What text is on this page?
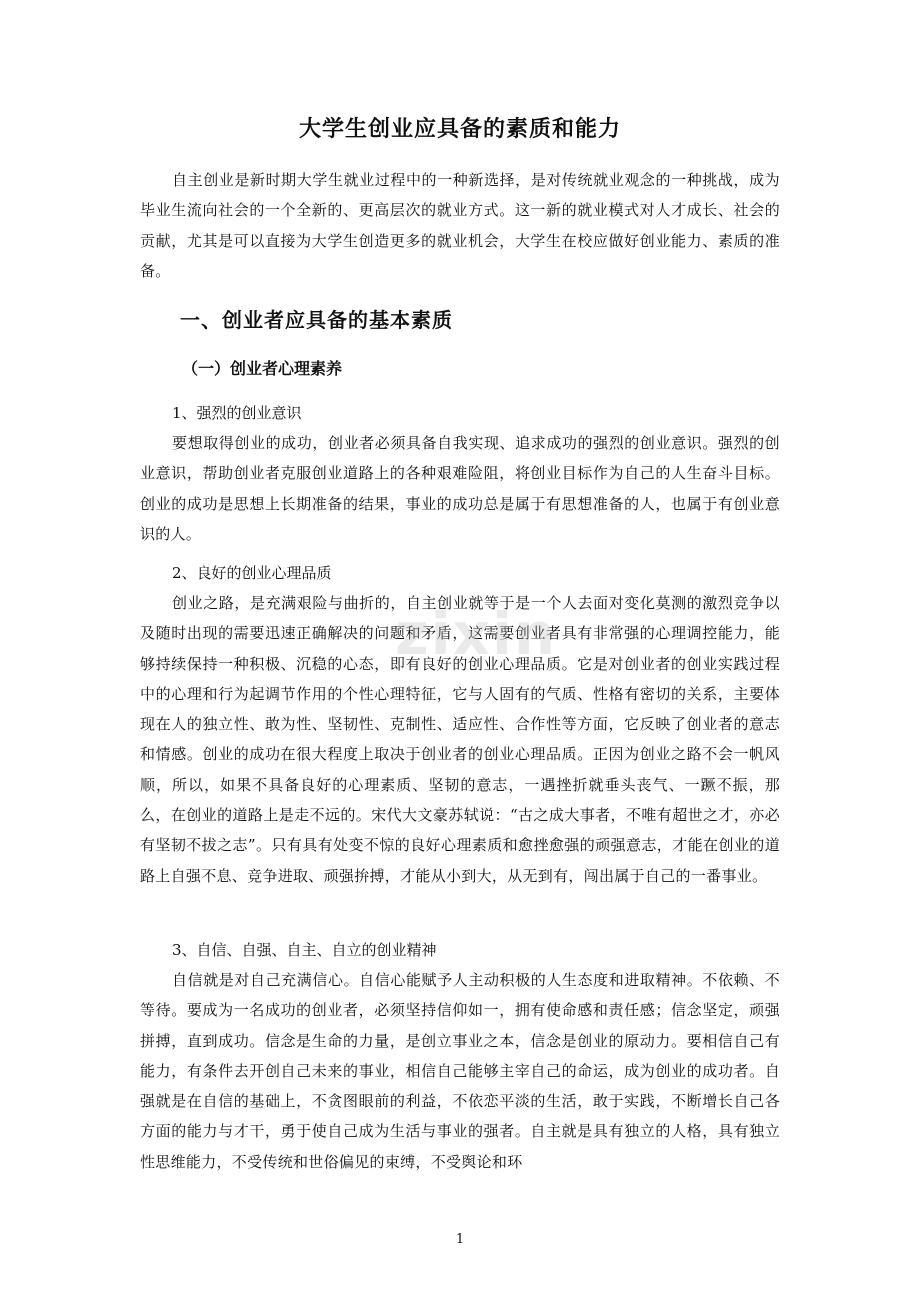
大学生创业应具备的素质和能力

自主创业是新时期大学生就业过程中的一种新选择，是对传统就业观念的一种挑战，成为毕业生流向社会的一个全新的、更高层次的就业方式。这一新的就业模式对人才成长、社会的贡献，尤其是可以直接为大学生创造更多的就业机会，大学生在校应做好创业能力、素质的准备。

一、创业者应具备的基本素质
（一）创业者心理素养

1、强烈的创业意识

要想取得创业的成功，创业者必须具备自我实现、追求成功的强烈的创业意识。强烈的创业意识，帮助创业者克服创业道路上的各种艰难险阻，将创业目标作为自己的人生奋斗目标。创业的成功是思想上长期准备的结果，事业的成功总是属于有思想准备的人，也属于有创业意识的人。

2、良好的创业心理品质

创业之路，是充满艰险与曲折的，自主创业就等于是一个人去面对变化莫测的激烈竞争以及随时出现的需要迅速正确解决的问题和矛盾，这需要创业者具有非常强的心理调控能力，能够持续保持一种积极、沉稳的心态，即有良好的创业心理品质。它是对创业者的创业实践过程中的心理和行为起调节作用的个性心理特征，它与人固有的气质、性格有密切的关系，主要体现在人的独立性、敢为性、坚韧性、克制性、适应性、合作性等方面，它反映了创业者的意志和情感。创业的成功在很大程度上取决于创业者的创业心理品质。正因为创业之路不会一帆风顺，所以，如果不具备良好的心理素质、坚韧的意志，一遇挫折就垂头丧气、一蹶不振，那么，在创业的道路上是走不远的。宋代大文豪苏轼说：“古之成大事者，不唯有超世之才，亦必有坚韧不拔之志”。只有具有处变不惊的良好心理素质和愈挫愈强的顽强意志，才能在创业的道路上自强不息、竞争进取、顽强拚搏，才能从小到大，从无到有，闯出属于自己的一番事业。

3、自信、自强、自主、自立的创业精神

自信就是对自己充满信心。自信心能赋予人主动积极的人生态度和进取精神。不依赖、不等待。要成为一名成功的创业者，必须坚持信仰如一，拥有使命感和责任感；信念坚定，顽强拼搏，直到成功。信念是生命的力量，是创立事业之本，信念是创业的原动力。要相信自己有能力，有条件去开创自己未来的事业，相信自己能够主宰自己的命运，成为创业的成功者。自强就是在自信的基础上，不贪图眼前的利益，不依恋平淡的生活，敢于实践，不断增长自己各方面的能力与才干，勇于使自己成为生活与事业的强者。自主就是具有独立的人格，具有独立性思维能力，不受传统和世俗偏见的束缚，不受舆论和环

zixin

1
